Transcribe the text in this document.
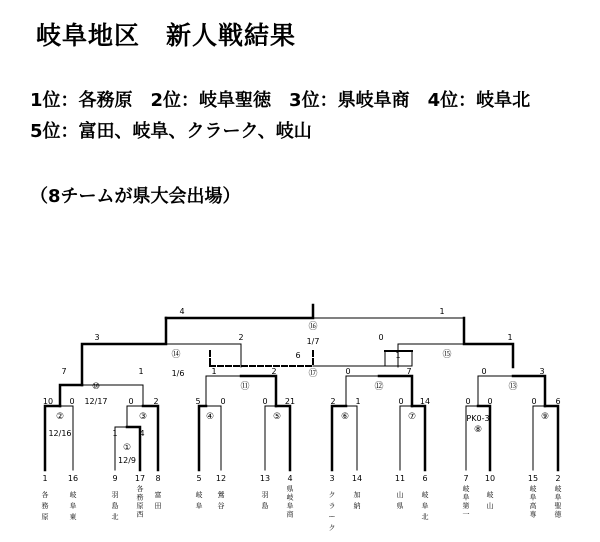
岐阜地区　新人戦結果
1位：各務原　2位：岐阜聖徳　3位：県岐阜商　4位：岐阜北
5位：富田、岐阜、クラーク、岐山
（8チームが県大会出場）
4	1
3	2	0	1
6	1
7	1	1	2	0	7	0	3
10 0	0 2	5 0	0 21	2 1	0 14	0 0	0 6
1	4
⑯
⑭	⑮
⑰
⑩	⑪	⑫	⑬
②	③	④	⑤	⑥	⑦
⑧
⑨
①
1/7
1/6
12/17
12/16
12/9
PK0-3
1	16	9 17 8	5 12	13 4	3 14	11 6	7 10	15 2
各務原
岐阜東
羽島北
各務原西
富田
岐阜
鶯谷
羽島
県岐阜商
クラーク
加納
山県
岐阜北
岐阜第一
岐山
岐阜高専
岐阜聖徳
